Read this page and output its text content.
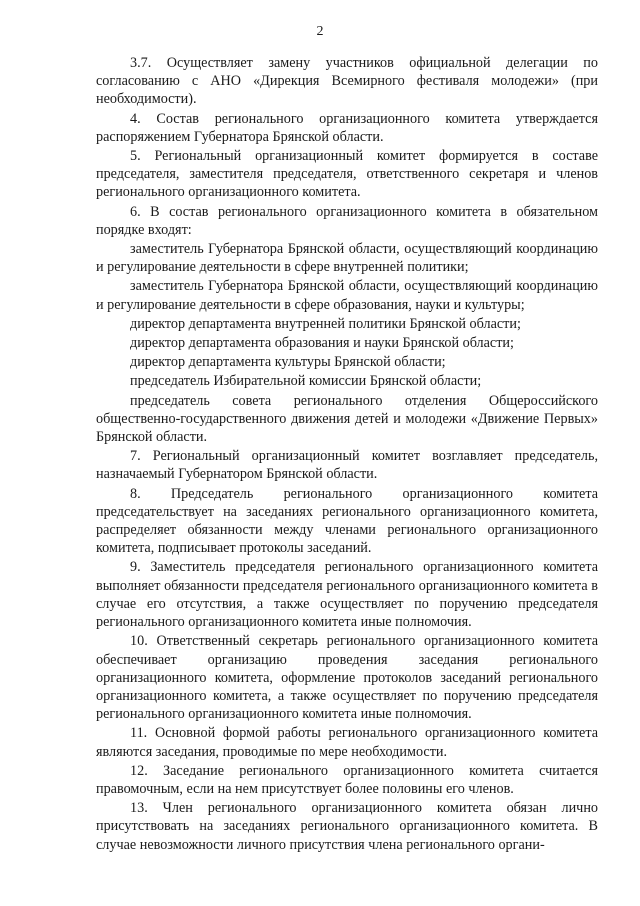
2

3.7. Осуществляет замену участников официальной делегации по согласованию с АНО «Дирекция Всемирного фестиваля молодежи» (при необходимости).

4. Состав регионального организационного комитета утверждается распоряжением Губернатора Брянской области.

5. Региональный организационный комитет формируется в составе председателя, заместителя председателя, ответственного секретаря и членов регионального организационного комитета.

6. В состав регионального организационного комитета в обязательном порядке входят:

заместитель Губернатора Брянской области, осуществляющий координацию и регулирование деятельности в сфере внутренней политики;

заместитель Губернатора Брянской области, осуществляющий координацию и регулирование деятельности в сфере образования, науки и культуры;

директор департамента внутренней политики Брянской области;

директор департамента образования и науки Брянской области;

директор департамента культуры Брянской области;

председатель Избирательной комиссии Брянской области;

председатель совета регионального отделения Общероссийского общественно-государственного движения детей и молодежи «Движение Первых» Брянской области.

7. Региональный организационный комитет возглавляет председатель, назначаемый Губернатором Брянской области.

8. Председатель регионального организационного комитета председательствует на заседаниях регионального организационного комитета, распределяет обязанности между членами регионального организационного комитета, подписывает протоколы заседаний.

9. Заместитель председателя регионального организационного комитета выполняет обязанности председателя регионального организационного комитета в случае его отсутствия, а также осуществляет по поручению председателя регионального организационного комитета иные полномочия.

10. Ответственный секретарь регионального организационного комитета обеспечивает организацию проведения заседания регионального организационного комитета, оформление протоколов заседаний регионального организационного комитета, а также осуществляет по поручению председателя регионального организационного комитета иные полномочия.

11. Основной формой работы регионального организационного комитета являются заседания, проводимые по мере необходимости.

12. Заседание регионального организационного комитета считается правомочным, если на нем присутствует более половины его членов.

13. Член регионального организационного комитета обязан лично присутствовать на заседаниях регионального организационного комитета. В случае невозможности личного присутствия члена регионального органи-
